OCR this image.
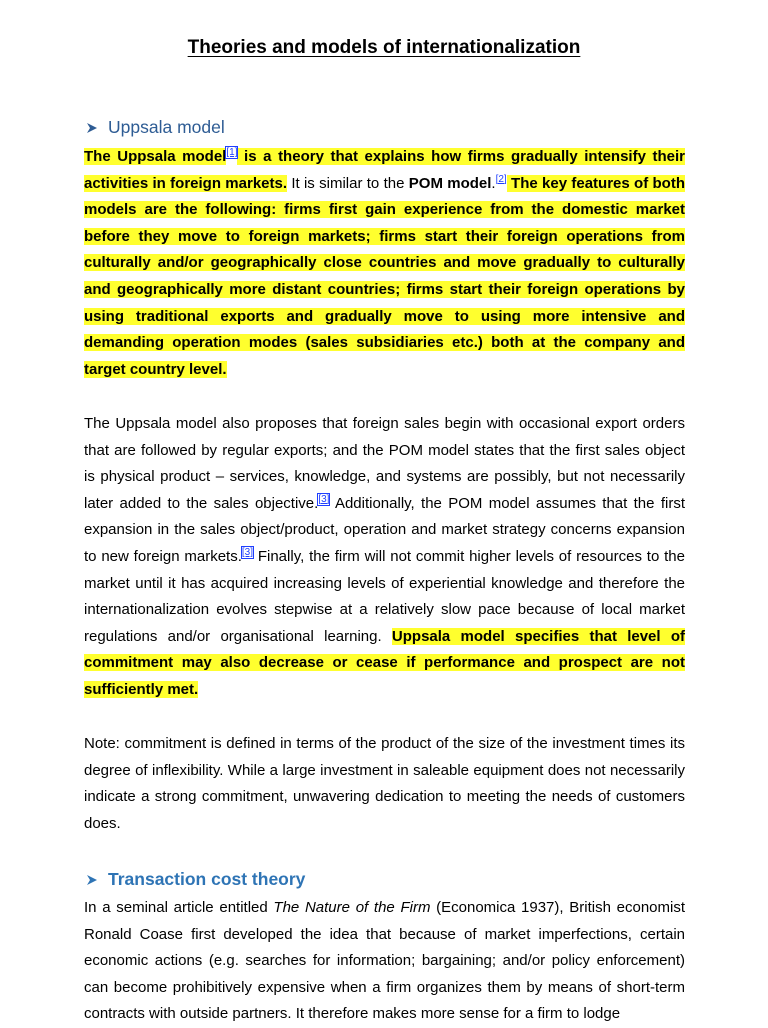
Theories and models of internationalization
Uppsala model
The Uppsala model[1] is a theory that explains how firms gradually intensify their activities in foreign markets. It is similar to the POM model.[2] The key features of both models are the following: firms first gain experience from the domestic market before they move to foreign markets; firms start their foreign operations from culturally and/or geographically close countries and move gradually to culturally and geographically more distant countries; firms start their foreign operations by using traditional exports and gradually move to using more intensive and demanding operation modes (sales subsidiaries etc.) both at the company and target country level.
The Uppsala model also proposes that foreign sales begin with occasional export orders that are followed by regular exports; and the POM model states that the first sales object is physical product – services, knowledge, and systems are possibly, but not necessarily later added to the sales objective.[3] Additionally, the POM model assumes that the first expansion in the sales object/product, operation and market strategy concerns expansion to new foreign markets.[3] Finally, the firm will not commit higher levels of resources to the market until it has acquired increasing levels of experiential knowledge and therefore the internationalization evolves stepwise at a relatively slow pace because of local market regulations and/or organisational learning. Uppsala model specifies that level of commitment may also decrease or cease if performance and prospect are not sufficiently met.
Note: commitment is defined in terms of the product of the size of the investment times its degree of inflexibility. While a large investment in saleable equipment does not necessarily indicate a strong commitment, unwavering dedication to meeting the needs of customers does.
Transaction cost theory
In a seminal article entitled The Nature of the Firm (Economica 1937), British economist Ronald Coase first developed the idea that because of market imperfections, certain economic actions (e.g. searches for information; bargaining; and/or policy enforcement) can become prohibitively expensive when a firm organizes them by means of short-term contracts with outside partners. It therefore makes more sense for a firm to lodge
